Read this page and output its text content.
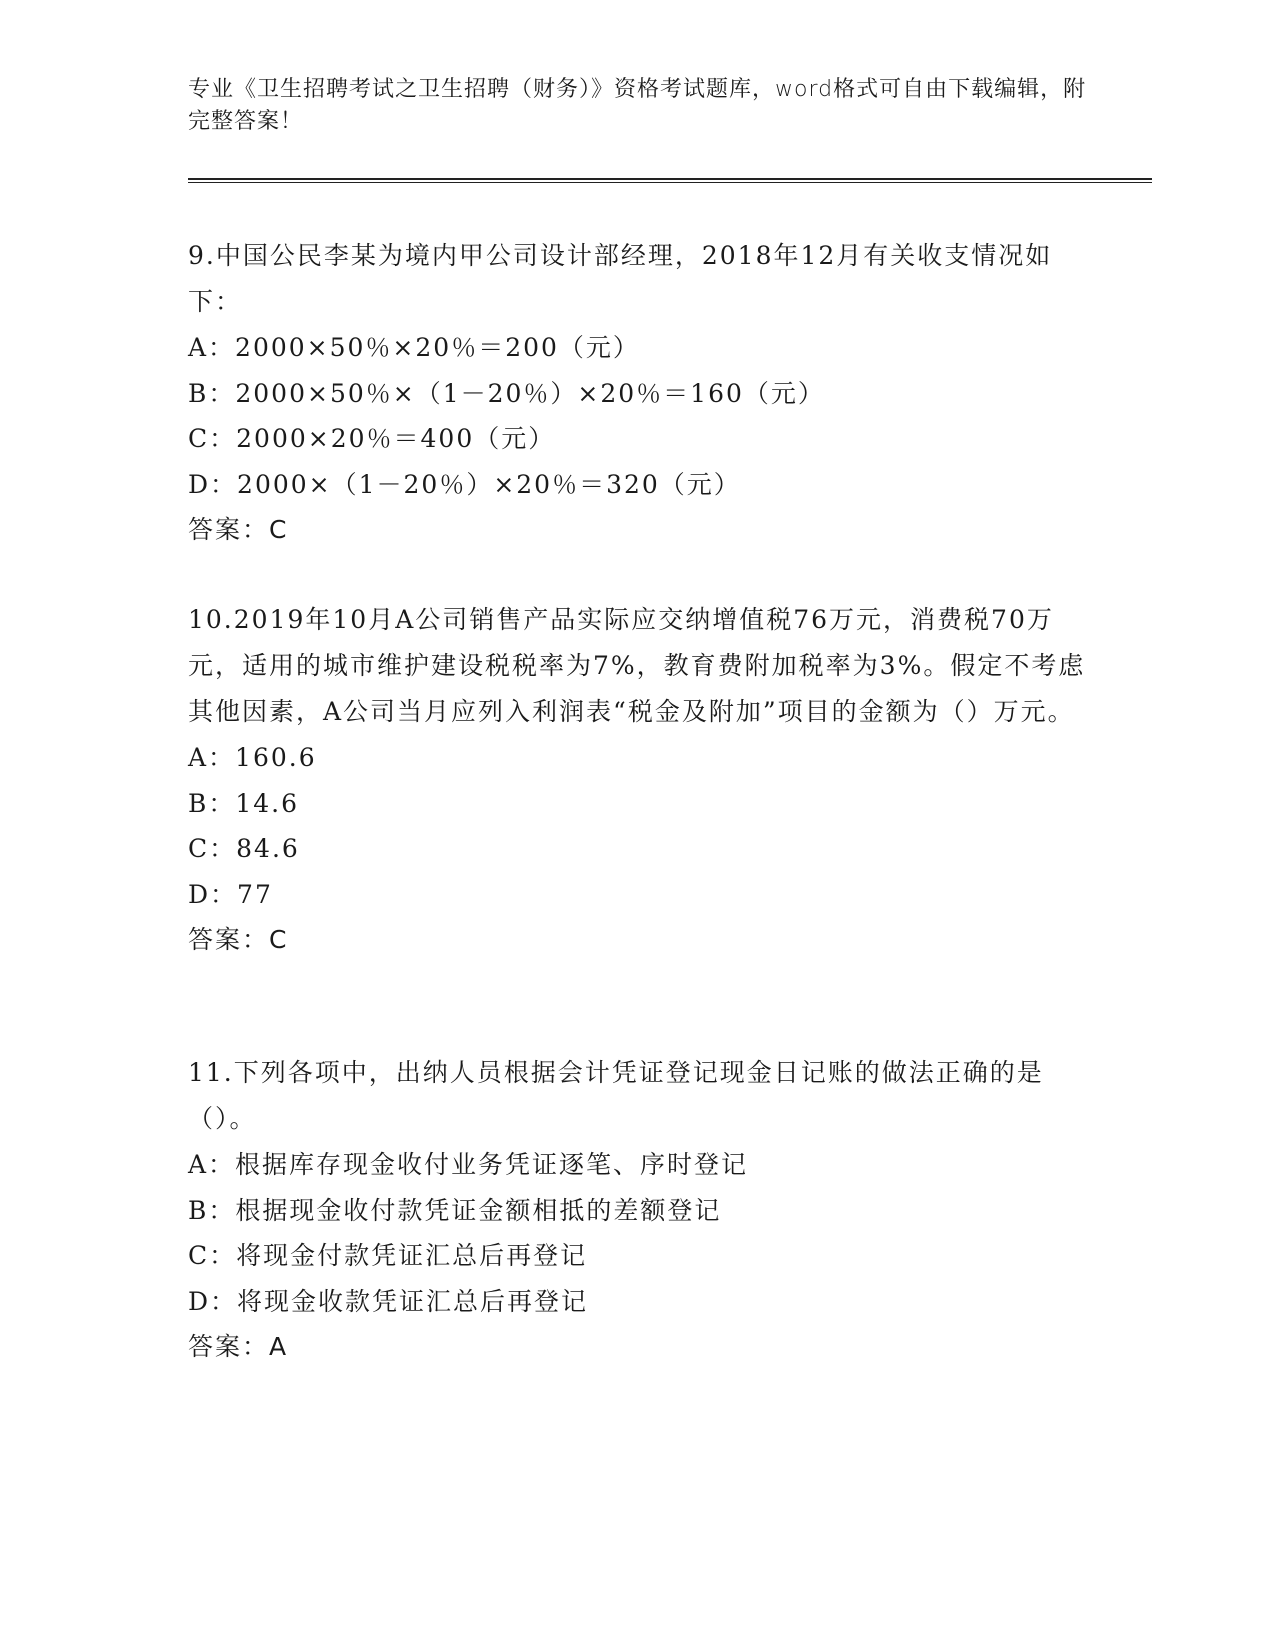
专业《卫生招聘考试之卫生招聘（财务）》资格考试题库，word格式可自由下载编辑，附完整答案！
9.中国公民李某为境内甲公司设计部经理，2018年12月有关收支情况如下：
A：2000×50％×20％＝200（元）
B：2000×50％×（1－20％）×20％＝160（元）
C：2000×20％＝400（元）
D：2000×（1－20％）×20％＝320（元）
答案：C
10.2019年10月A公司销售产品实际应交纳增值税76万元，消费税70万元，适用的城市维护建设税税率为7%，教育费附加税率为3%。假定不考虑其他因素，A公司当月应列入利润表“税金及附加”项目的金额为（）万元。
A：160.6
B：14.6
C：84.6
D：77
答案：C
11.下列各项中，出纳人员根据会计凭证登记现金日记账的做法正确的是（）。
A：根据库存现金收付业务凭证逐笔、序时登记
B：根据现金收付款凭证金额相抵的差额登记
C：将现金付款凭证汇总后再登记
D：将现金收款凭证汇总后再登记
答案：A
